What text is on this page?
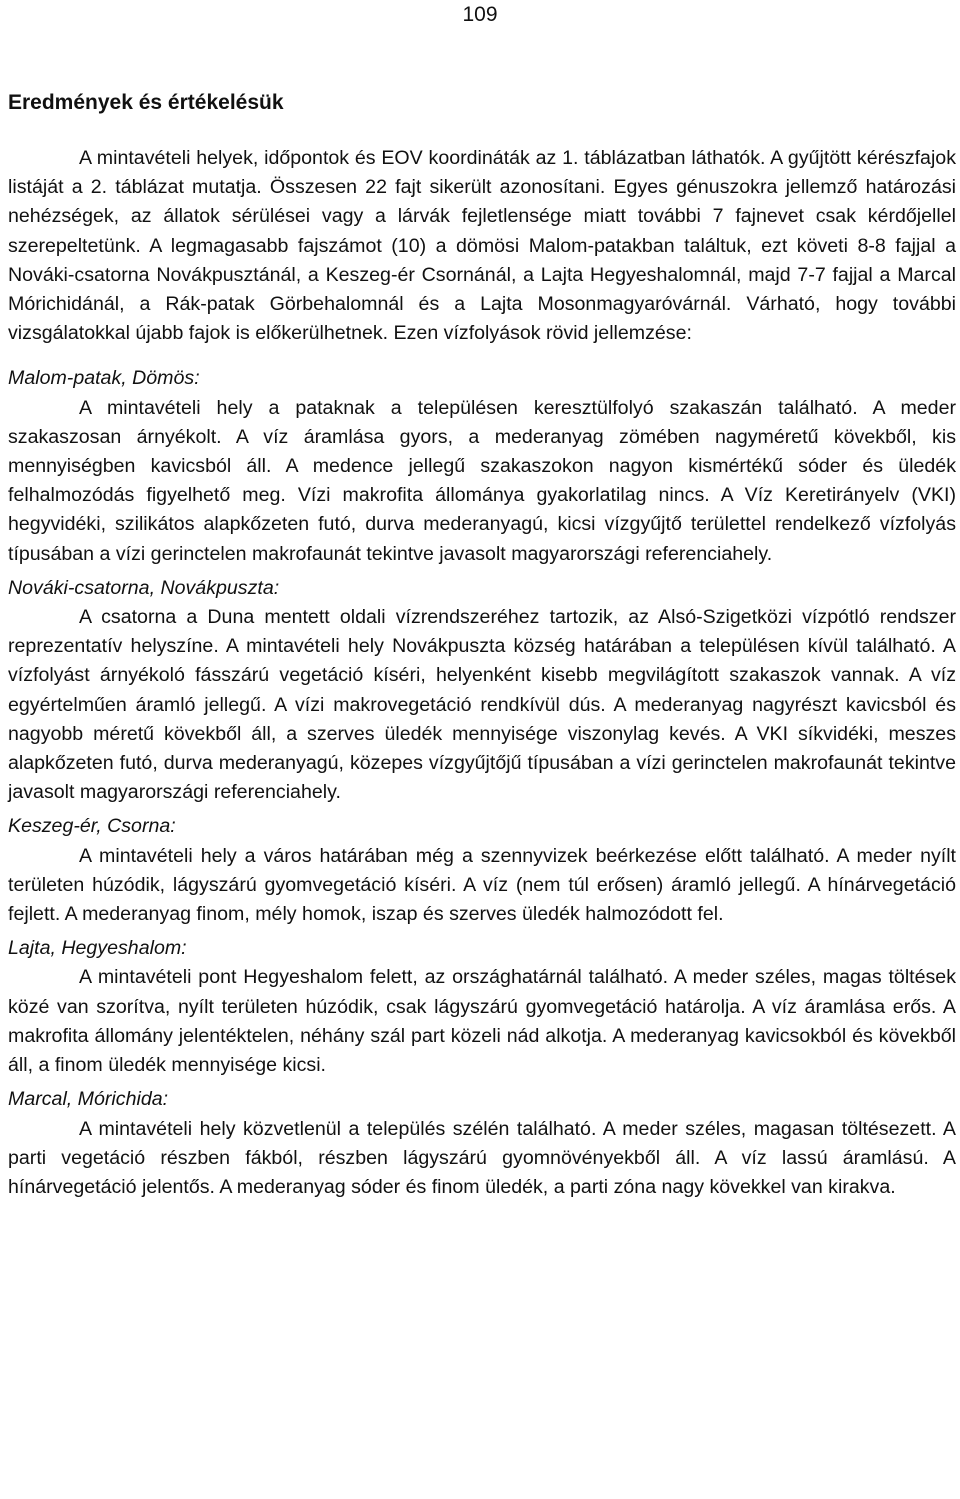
109
Eredmények és értékelésük

A mintavételi helyek, időpontok és EOV koordináták az 1. táblázatban láthatók. A gyűjtött kérészfajok listáját a 2. táblázat mutatja. Összesen 22 fajt sikerült azonosítani. Egyes génuszokra jellemző határozási nehézségek, az állatok sérülései vagy a lárvák fejletlensége miatt további 7 fajnevet csak kérdőjellel szerepeltetünk. A legmagasabb fajszámot (10) a dömösi Malom-patakban találtuk, ezt követi 8-8 fajjal a Nováki-csatorna Novákpusztánál, a Keszeg-ér Csornánál, a Lajta Hegyeshalomnál, majd 7-7 fajjal a Marcal Mórichidánál, a Rák-patak Görbehalomnál és a Lajta Mosonmagyaróvárnál. Várható, hogy további vizsgálatokkal újabb fajok is előkerülhetnek. Ezen vízfolyások rövid jellemzése:

Malom-patak, Dömös:

A mintavételi hely a pataknak a településen keresztülfolyó szakaszán található. A meder szakaszosan árnyékolt. A víz áramlása gyors, a mederanyag zömében nagyméretű kövekből, kis mennyiségben kavicsból áll. A medence jellegű szakaszokon nagyon kismértékű sóder és üledék felhalmozódás figyelhető meg. Vízi makrofita állománya gyakorlatilag nincs. A Víz Keretirányelv (VKI) hegyvidéki, szilikátos alapkőzeten futó, durva mederanyagú, kicsi vízgyűjtő területtel rendelkező vízfolyás típusában a vízi gerinctelen makrofaunát tekintve javasolt magyarországi referenciahely.

Nováki-csatorna, Novákpuszta:

A csatorna a Duna mentett oldali vízrendszeréhez tartozik, az Alsó-Szigetközi vízpótló rendszer reprezentatív helyszíne. A mintavételi hely Novákpuszta község határában a településen kívül található. A vízfolyást árnyékoló fásszárú vegetáció kíséri, helyenként kisebb megvilágított szakaszok vannak. A víz egyértelműen áramló jellegű. A vízi makrovegetáció rendkívül dús. A mederanyag nagyrészt kavicsból és nagyobb méretű kövekből áll, a szerves üledék mennyisége viszonylag kevés. A VKI síkvidéki, meszes alapkőzeten futó, durva mederanyagú, közepes vízgyűjtőjű típusában a vízi gerinctelen makrofaunát tekintve javasolt magyarországi referenciahely.

Keszeg-ér, Csorna:

A mintavételi hely a város határában még a szennyvizek beérkezése előtt található. A meder nyílt területen húzódik, lágyszárú gyomvegetáció kíséri. A víz (nem túl erősen) áramló jellegű. A hínárvegetáció fejlett. A mederanyag finom, mély homok, iszap és szerves üledék halmozódott fel.

Lajta, Hegyeshalom:

A mintavételi pont Hegyeshalom felett, az országhatárnál található. A meder széles, magas töltések közé van szorítva, nyílt területen húzódik, csak lágyszárú gyomvegetáció határolja. A víz áramlása erős. A makrofita állomány jelentéktelen, néhány szál part közeli nád alkotja. A mederanyag kavicsokból és kövekből áll, a finom üledék mennyisége kicsi.

Marcal, Mórichida:

A mintavételi hely közvetlenül a település szélén található. A meder széles, magasan töltésezett. A parti vegetáció részben fákból, részben lágyszárú gyomnövényekből áll. A víz lassú áramlású. A hínárvegetáció jelentős. A mederanyag sóder és finom üledék, a parti zóna nagy kövekkel van kirakva.
